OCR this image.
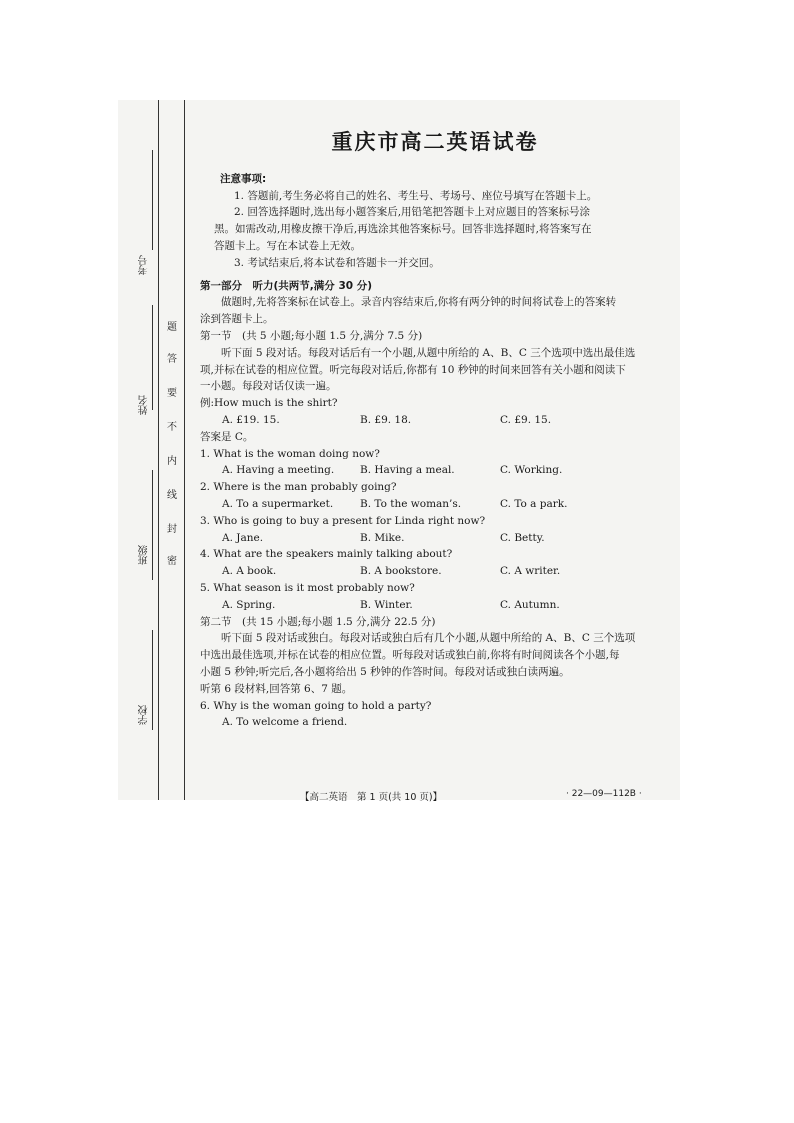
考号
姓名
班级
学校
题
答
要
不
内
线
封
密
重庆市高二英语试卷

注意事项:

1. 答题前,考生务必将自己的姓名、考生号、考场号、座位号填写在答题卡上。

2. 回答选择题时,选出每小题答案后,用铅笔把答题卡上对应题目的答案标号涂

黑。如需改动,用橡皮擦干净后,再选涂其他答案标号。回答非选择题时,将答案写在

答题卡上。写在本试卷上无效。

3. 考试结束后,将本试卷和答题卡一并交回。

第一部分　听力(共两节,满分 30 分)

做题时,先将答案标在试卷上。录音内容结束后,你将有两分钟的时间将试卷上的答案转

涂到答题卡上。

第一节　(共 5 小题;每小题 1.5 分,满分 7.5 分)

听下面 5 段对话。每段对话后有一个小题,从题中所给的 A、B、C 三个选项中选出最佳选

项,并标在试卷的相应位置。听完每段对话后,你都有 10 秒钟的时间来回答有关小题和阅读下

一小题。每段对话仅读一遍。

例:How much is the shirt?

A. £19. 15.	B. £9. 18.	C. £9. 15.

答案是 C。

1. What is the woman doing now?

A. Having a meeting.	B. Having a meal.	C. Working.

2. Where is the man probably going?

A. To a supermarket.	B. To the woman’s.	C. To a park.

3. Who is going to buy a present for Linda right now?

A. Jane.	B. Mike.	C. Betty.

4. What are the speakers mainly talking about?

A. A book.	B. A bookstore.	C. A writer.

5. What season is it most probably now?

A. Spring.	B. Winter.	C. Autumn.

第二节　(共 15 小题;每小题 1.5 分,满分 22.5 分)

听下面 5 段对话或独白。每段对话或独白后有几个小题,从题中所给的 A、B、C 三个选项

中选出最佳选项,并标在试卷的相应位置。听每段对话或独白前,你将有时间阅读各个小题,每

小题 5 秒钟;听完后,各小题将给出 5 秒钟的作答时间。每段对话或独白读两遍。

听第 6 段材料,回答第 6、7 题。

6. Why is the woman going to hold a party?

A. To welcome a friend.

【高二英语　第 1 页(共 10 页)】	· 22—09—112B ·
